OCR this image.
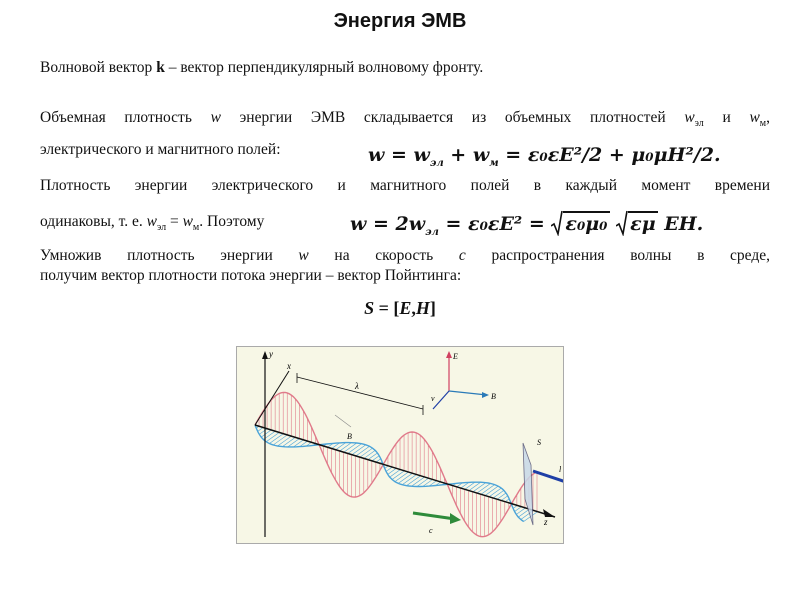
Энергия ЭМВ
Волновой вектор k – вектор перпендикулярный волновому фронту.
Объемная плотность w энергии ЭМВ складывается из объемных плотностей $w_{эл}$ и $w_м$,
электрического и магнитного полей:	$w = w_{эл} + w_м = \varepsilon_0\varepsilon E^2/2 + \mu_0\mu H^2/2$.
Плотность энергии электрического и магнитного полей в каждый момент времени
одинаковы, т. е. $w_{эл} = w_м$. Поэтому	$w = 2w_{эл} = \varepsilon_0\varepsilon E^2$ =
ε₀μ₀ εμ EH.
Умножив плотность энергии w на скорость c распространения волны в среде,
получим вектор плотности потока энергии – вектор Пойнтинга:
S = [E,H]
y
x
z
λ
S
E
B
v
B
l
c
